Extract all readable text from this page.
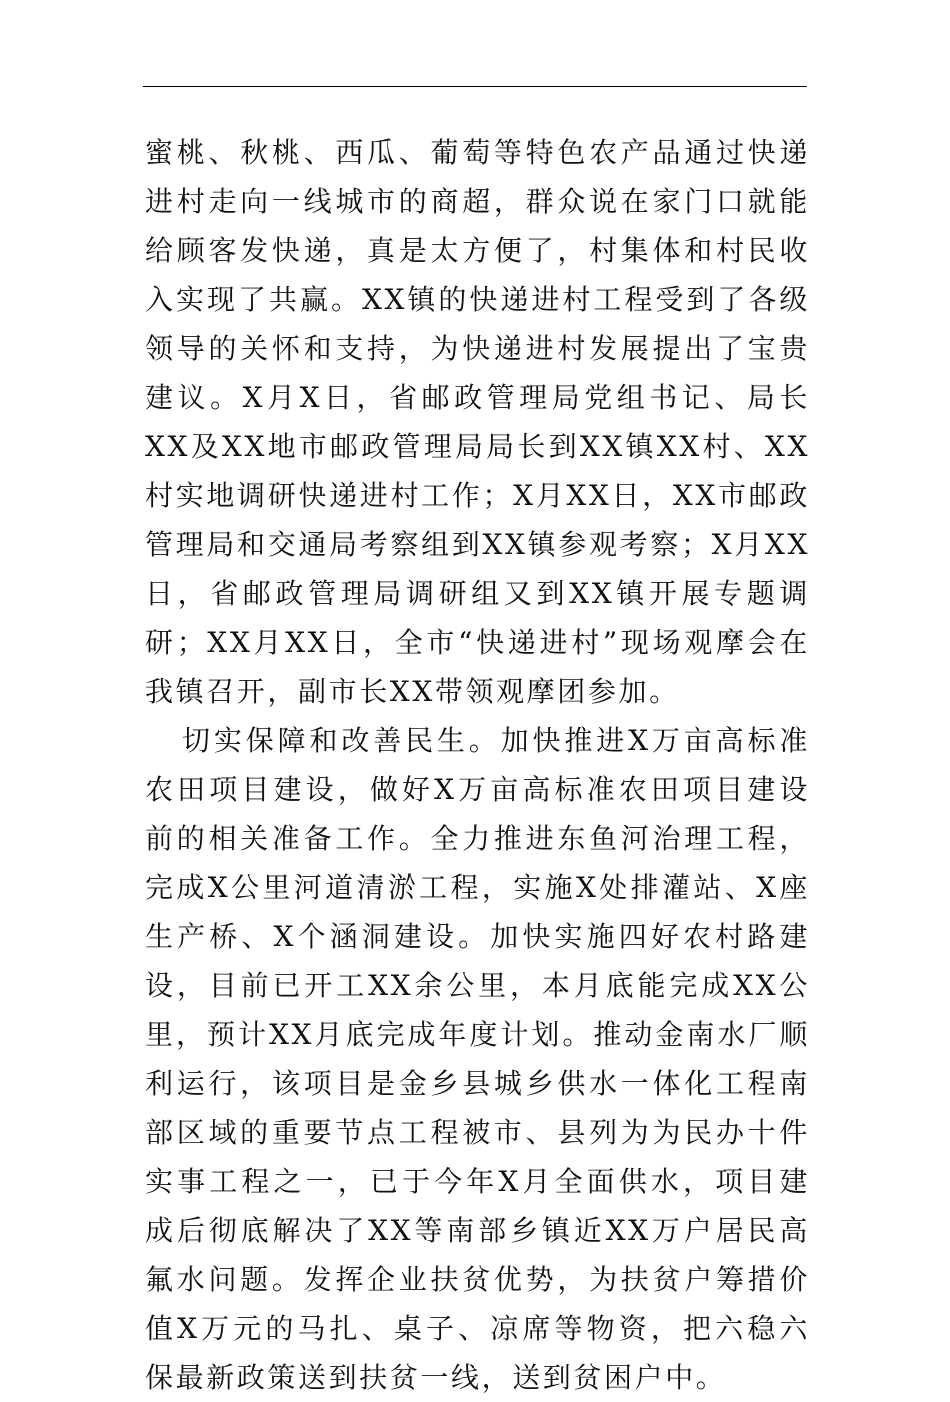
蜜桃、秋桃、西瓜、葡萄等特色农产品通过快递进村走向一线城市的商超，群众说在家门口就能给顾客发快递，真是太方便了，村集体和村民收入实现了共赢。XX镇的快递进村工程受到了各级领导的关怀和支持，为快递进村发展提出了宝贵建议。X月X日，省邮政管理局党组书记、局长XX及XX地市邮政管理局局长到XX镇XX村、XX村实地调研快递进村工作；X月XX日，XX市邮政管理局和交通局考察组到XX镇参观考察；X月XX日，省邮政管理局调研组又到XX镇开展专题调研；XX月XX日，全市“快递进村”现场观摩会在我镇召开，副市长XX带领观摩团参加。

切实保障和改善民生。加快推进X万亩高标准农田项目建设，做好X万亩高标准农田项目建设前的相关准备工作。全力推进东鱼河治理工程，完成X公里河道清淤工程，实施X处排灌站、X座生产桥、X个涵洞建设。加快实施四好农村路建设，目前已开工XX余公里，本月底能完成XX公里，预计XX月底完成年度计划。推动金南水厂顺利运行，该项目是金乡县城乡供水一体化工程南部区域的重要节点工程被市、县列为为民办十件实事工程之一，已于今年X月全面供水，项目建成后彻底解决了XX等南部乡镇近XX万户居民高氟水问题。发挥企业扶贫优势，为扶贫户筹措价值X万元的马扎、桌子、凉席等物资，把六稳六保最新政策送到扶贫一线，送到贫困户中。
